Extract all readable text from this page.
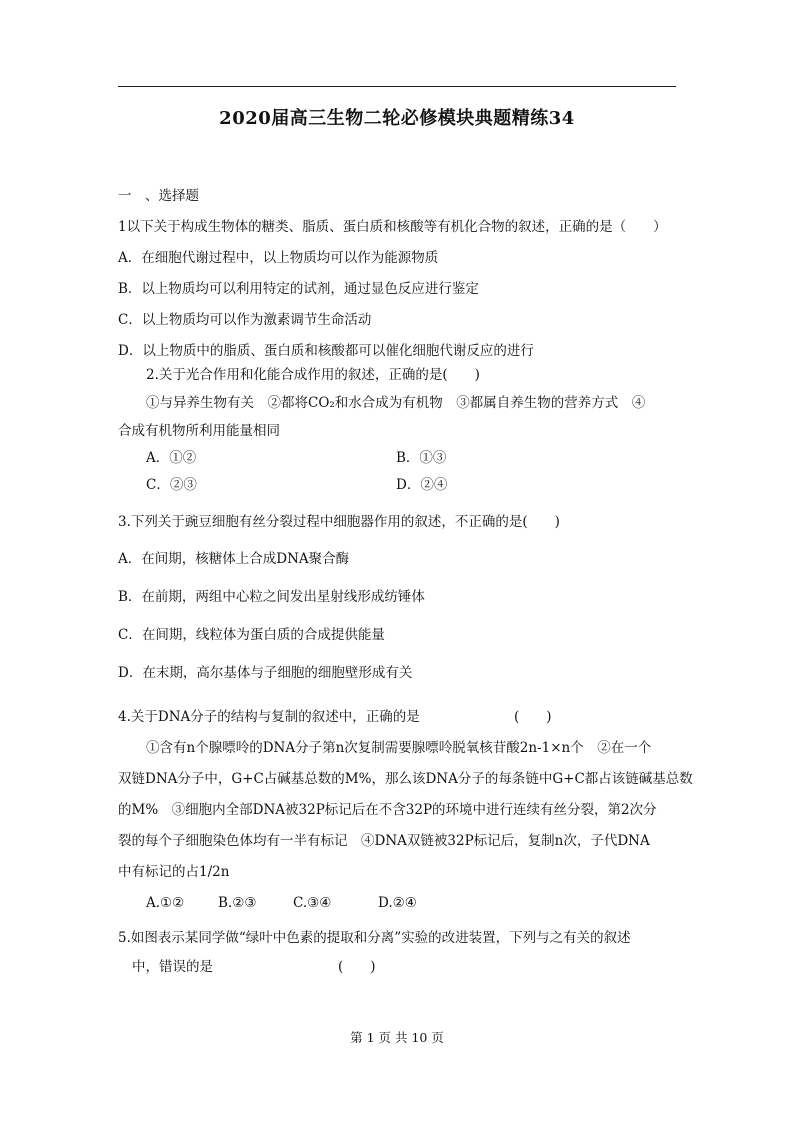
2020届高三生物二轮必修模块典题精练34
一　、选择题
1以下关于构成生物体的糖类、脂质、蛋白质和核酸等有机化合物的叙述，正确的是（　　）
A．在细胞代谢过程中，以上物质均可以作为能源物质
B．以上物质均可以利用特定的试剂，通过显色反应进行鉴定
C．以上物质均可以作为激素调节生命活动
D．以上物质中的脂质、蛋白质和核酸都可以催化细胞代谢反应的进行
2.关于光合作用和化能合成作用的叙述，正确的是(　　)
①与异养生物有关　②都将CO₂和水合成为有机物　③都属自养生物的营养方式　④
合成有机物所利用能量相同
A．①②	B．①③
C．②③	D．②④
3.下列关于豌豆细胞有丝分裂过程中细胞器作用的叙述，不正确的是(　　)
A．在间期，核糖体上合成DNA聚合酶
B．在前期，两组中心粒之间发出星射线形成纺锤体
C．在间期，线粒体为蛋白质的合成提供能量
D．在末期，高尔基体与子细胞的细胞壁形成有关
4.关于DNA分子的结构与复制的叙述中，正确的是	(　　)
①含有n个腺嘌呤的DNA分子第n次复制需要腺嘌呤脱氧核苷酸2n-1×n个　②在一个
双链DNA分子中，G+C占碱基总数的M%，那么该DNA分子的每条链中G+C都占该链碱基总数
的M%　③细胞内全部DNA被32P标记后在不含32P的环境中进行连续有丝分裂，第2次分
裂的每个子细胞染色体均有一半有标记　④DNA双链被32P标记后，复制n次，子代DNA
中有标记的占1/2n
A.①②	B.②③	C.③④	D.②④
5.如图表示某同学做“绿叶中色素的提取和分离”实验的改进装置，下列与之有关的叙述
中，错误的是	(　　)
第 1 页 共 10 页
